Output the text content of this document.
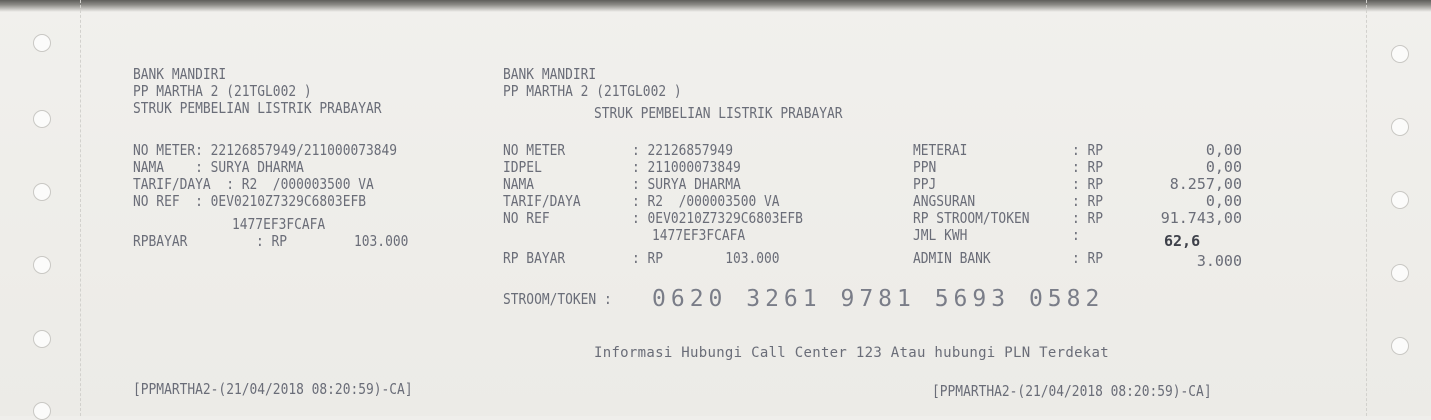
BANK MANDIRI
PP MARTHA 2 (21TGL002 )
STRUK PEMBELIAN LISTRIK PRABAYAR
NO METER: 22126857949/211000073849
NAMA    : SURYA DHARMA
TARIF/DAYA  : R2  /000003500 VA
NO REF  : 0EV0210Z7329C6803EFB
1477EF3FCAFA
RPBAYAR	: RP	103.000
[PPMARTHA2-(21/04/2018 08:20:59)-CA]
BANK MANDIRI
PP MARTHA 2 (21TGL002 )
STRUK PEMBELIAN LISTRIK PRABAYAR
NO METER	: 22126857949
IDPEL	: 211000073849
NAMA	: SURYA DHARMA
TARIF/DAYA	: R2  /000003500 VA
NO REF	: 0EV0210Z7329C6803EFB
1477EF3FCAFA
RP BAYAR	: RP        103.000
METERAI	: RP	0,00
PPN	: RP	0,00
PPJ	: RP	8.257,00
ANGSURAN	: RP	0,00
RP STROOM/TOKEN	: RP	91.743,00
JML KWH	:	62,6
ADMIN BANK	: RP	3.000
STROOM/TOKEN : 0620 3261 9781 5693 0582
Informasi Hubungi Call Center 123 Atau hubungi PLN Terdekat
[PPMARTHA2-(21/04/2018 08:20:59)-CA]
